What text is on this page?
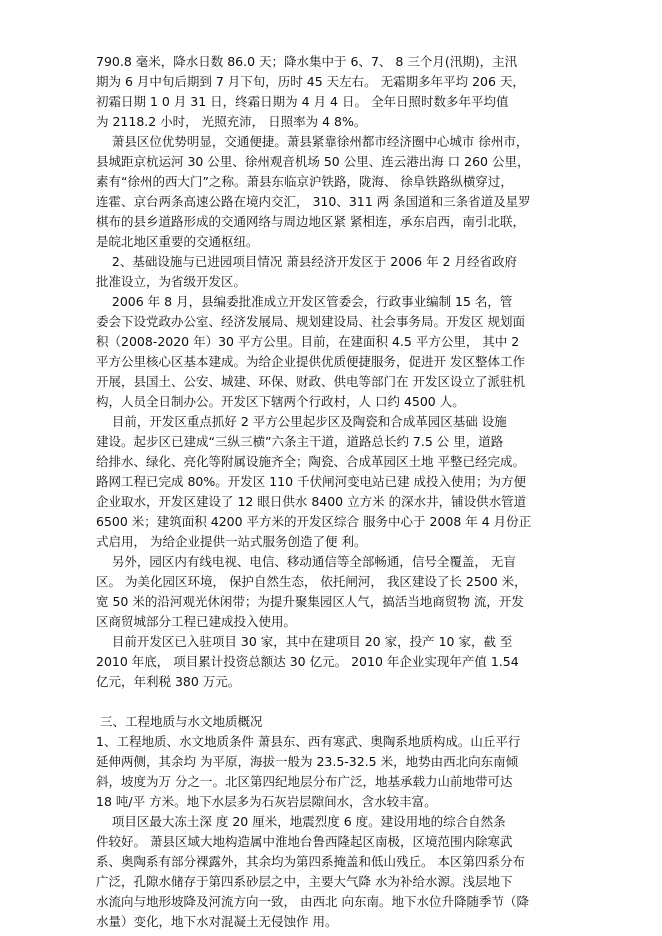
790.8 毫米，降水日数 86.0 天；降水集中于 6、7、 8 三个月(汛期)，主汛
期为 6 月中旬后期到 7 月下旬，历时 45 天左右。 无霜期多年平均 206 天，
初霜日期 1 0 月 31 日，终霜日期为 4 月 4 日。 全年日照时数多年平均值
为 2118.2 小时， 光照充沛， 日照率为 4 8%。
萧县区位优势明显，交通便捷。萧县紧靠徐州都市经济圈中心城市 徐州市，
县城距京杭运河 30 公里、徐州观音机场 50 公里、连云港出海 口 260 公里，
素有“徐州的西大门”之称。萧县东临京沪铁路，陇海、 徐阜铁路纵横穿过，
连霍、京台两条高速公路在境内交汇， 310、311 两 条国道和三条省道及星罗
棋布的县乡道路形成的交通网络与周边地区紧 紧相连，承东启西，南引北联，
是皖北地区重要的交通枢纽。
2、基础设施与已进园项目情况 萧县经济开发区于 2006 年 2 月经省政府
批准设立，为省级开发区。
2006 年 8 月，县编委批准成立开发区管委会，行政事业编制 15 名，管
委会下设党政办公室、经济发展局、规划建设局、社会事务局。开发区 规划面
积（2008-2020 年）30 平方公里。目前，在建面积 4.5 平方公里， 其中 2
平方公里核心区基本建成。为给企业提供优质便捷服务，促进开 发区整体工作
开展，县国土、公安、城建、环保、财政、供电等部门在 开发区设立了派驻机
构，人员全日制办公。开发区下辖两个行政村，人 口约 4500 人。
目前，开发区重点抓好 2 平方公里起步区及陶瓷和合成革园区基础 设施
建设。起步区已建成“三纵三横”六条主干道，道路总长约 7.5 公 里，道路
给排水、绿化、亮化等附属设施齐全；陶瓷、合成革园区土地 平整已经完成。
路网工程已完成 80%。开发区 110 千伏闸河变电站已建 成投入使用；为方便
企业取水，开发区建设了 12 眼日供水 8400 立方米 的深水井，铺设供水管道
6500 米；建筑面积 4200 平方米的开发区综合 服务中心于 2008 年 4 月份正
式启用， 为给企业提供一站式服务创造了便 利。
另外，园区内有线电视、电信、移动通信等全部畅通，信号全覆盖， 无盲
区。 为美化园区环境， 保护自然生态， 依托闸河， 我区建设了长 2500 米，
宽 50 米的沿河观光休闲带；为提升聚集园区人气，搞活当地商贸物 流，开发
区商贸城部分工程已建成投入使用。
目前开发区已入驻项目 30 家，其中在建项目 20 家，投产 10 家，截 至
2010 年底， 项目累计投资总额达 30 亿元。 2010 年企业实现年产值 1.54
亿元，年利税 380 万元。
三、工程地质与水文地质概况
1、工程地质、水文地质条件 萧县东、西有寒武、奥陶系地质构成。山丘平行
延伸两侧，其余均 为平原，海拔一般为 23.5-32.5 米，地势由西北向东南倾
斜，坡度为万 分之一。北区第四纪地层分布广泛，地基承载力山前地带可达
18 吨/平 方米。地下水层多为石灰岩层隙间水，含水较丰富。
项目区最大冻土深 度 20 厘米，地震烈度 6 度。建设用地的综合自然条
件较好。 萧县区域大地构造属中淮地台鲁西隆起区南极，区境范围内除寒武
系、奥陶系有部分裸露外，其余均为第四系掩盖和低山残丘。 本区第四系分布
广泛，孔隙水储存于第四系砂层之中，主要大气降 水为补给水源。浅层地下
水流向与地形坡降及河流方向一致， 由西北 向东南。地下水位升降随季节（降
水量）变化，地下水对混凝土无侵蚀作 用。
